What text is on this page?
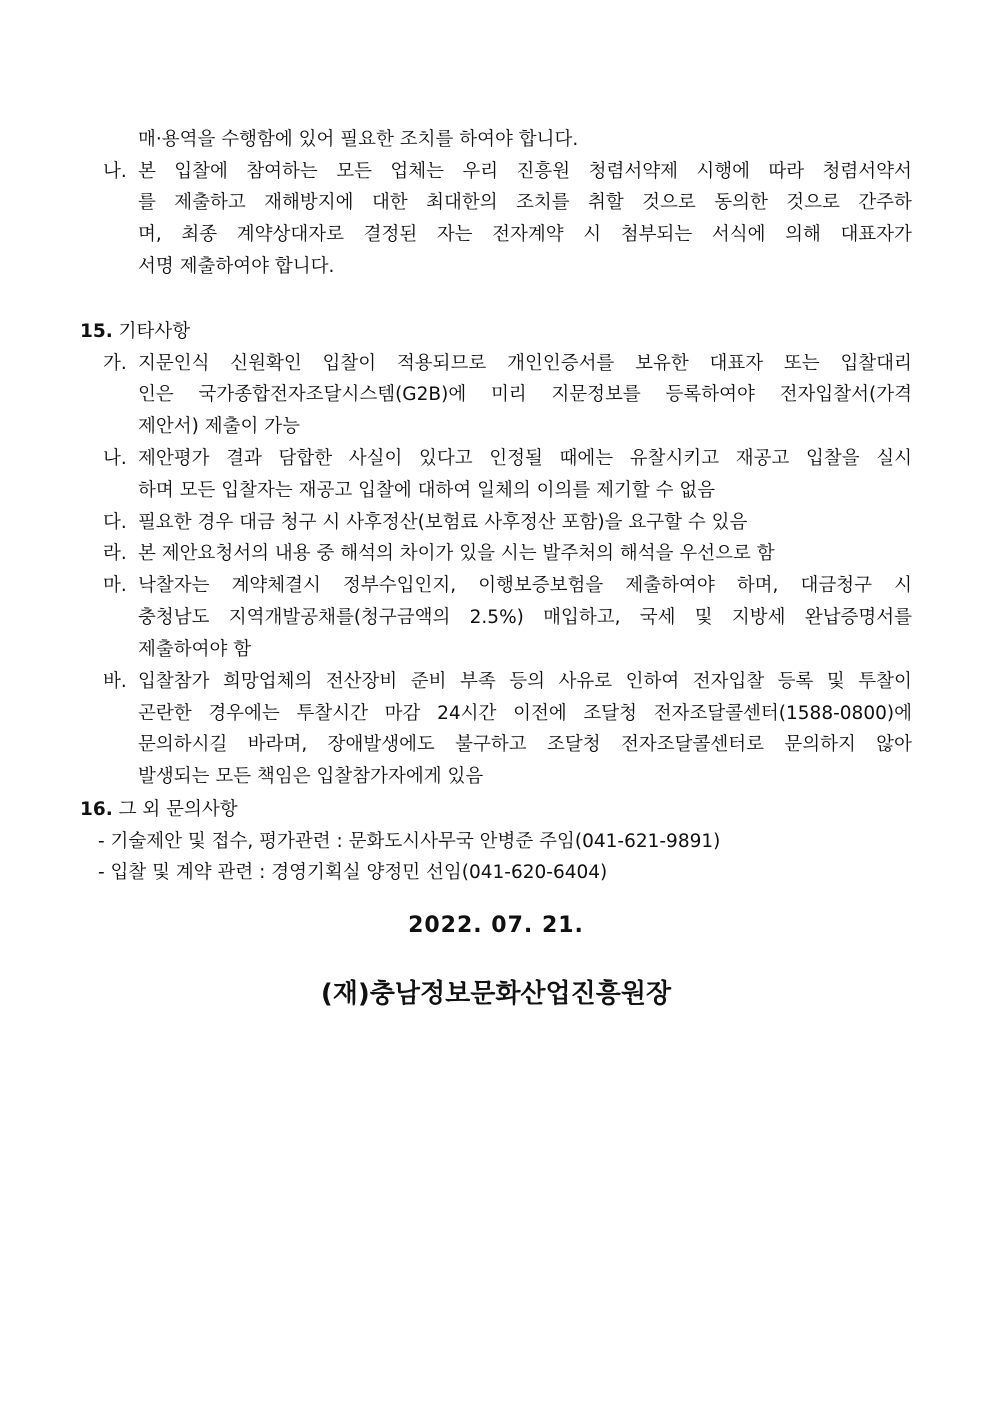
매·용역을 수행함에 있어 필요한 조치를 하여야 합니다.
나. 본 입찰에 참여하는 모든 업체는 우리 진흥원 청렴서약제 시행에 따라 청렴서약서
를 제출하고 재해방지에 대한 최대한의 조치를 취할 것으로 동의한 것으로 간주하
며, 최종 계약상대자로 결정된 자는 전자계약 시 첨부되는 서식에 의해 대표자가
서명 제출하여야 합니다.
15. 기타사항
가. 지문인식 신원확인 입찰이 적용되므로 개인인증서를 보유한 대표자 또는 입찰대리
인은 국가종합전자조달시스템(G2B)에 미리 지문정보를 등록하여야 전자입찰서(가격
제안서) 제출이 가능
나. 제안평가 결과 담합한 사실이 있다고 인정될 때에는 유찰시키고 재공고 입찰을 실시
하며 모든 입찰자는 재공고 입찰에 대하여 일체의 이의를 제기할 수 없음
다. 필요한 경우 대금 청구 시 사후정산(보험료 사후정산 포함)을 요구할 수 있음
라. 본 제안요청서의 내용 중 해석의 차이가 있을 시는 발주처의 해석을 우선으로 함
마. 낙찰자는 계약체결시 정부수입인지, 이행보증보험을 제출하여야 하며, 대금청구 시
충청남도 지역개발공채를(청구금액의 2.5%) 매입하고, 국세 및 지방세 완납증명서를
제출하여야 함
바. 입찰참가 희망업체의 전산장비 준비 부족 등의 사유로 인하여 전자입찰 등록 및 투찰이
곤란한 경우에는 투찰시간 마감 24시간 이전에 조달청 전자조달콜센터(1588-0800)에
문의하시길 바라며, 장애발생에도 불구하고 조달청 전자조달콜센터로 문의하지 않아
발생되는 모든 책임은 입찰참가자에게 있음
16. 그 외 문의사항
- 기술제안 및 접수, 평가관련 : 문화도시사무국 안병준 주임(041-621-9891)
- 입찰 및 계약 관련 : 경영기획실 양정민 선임(041-620-6404)
2022. 07. 21.
(재)충남정보문화산업진흥원장
